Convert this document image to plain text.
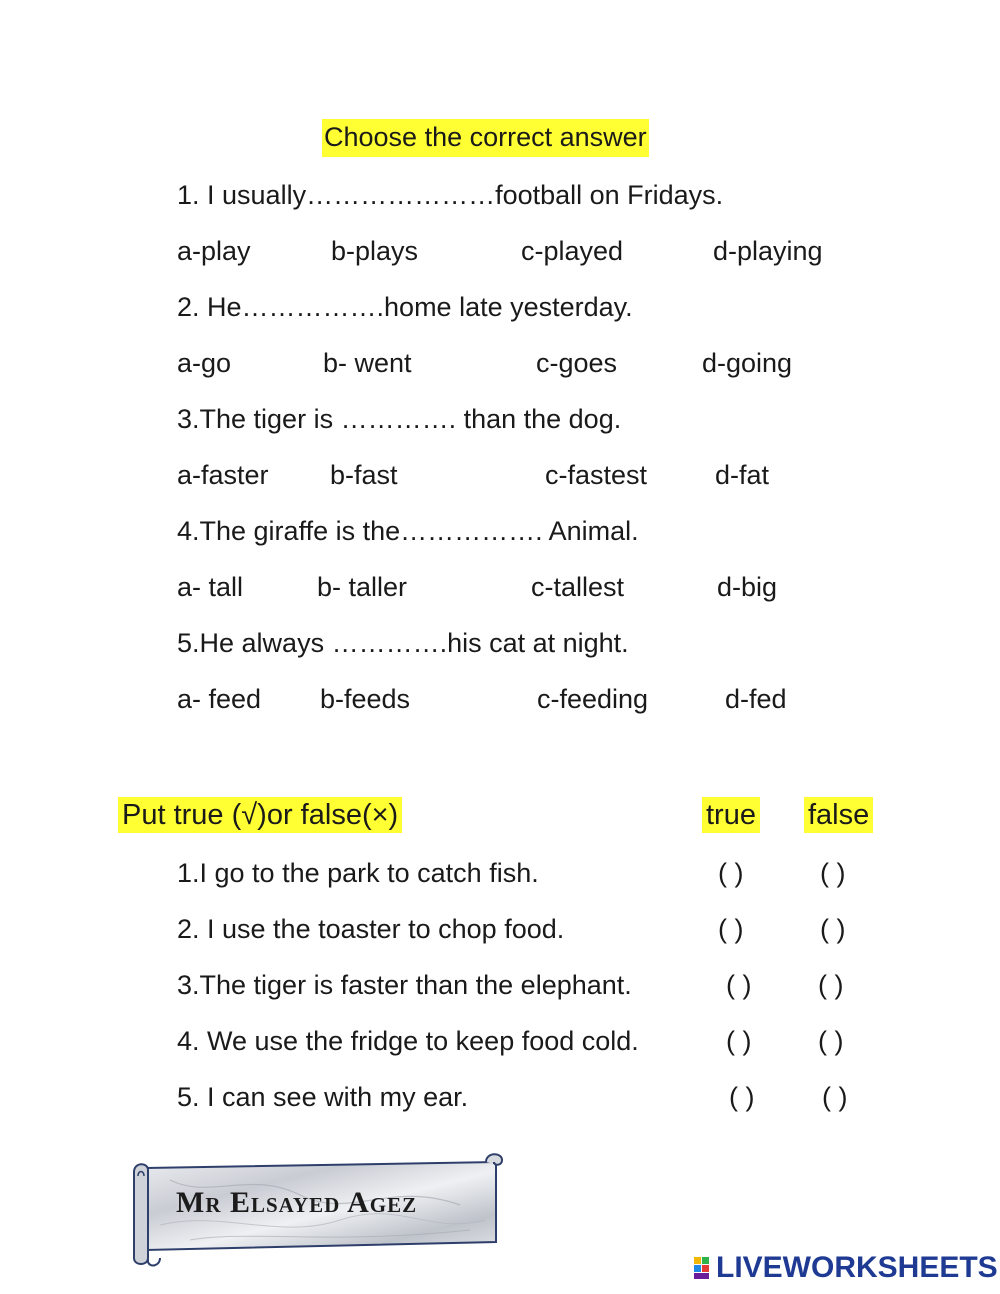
Choose the correct answer
1. I usually…………………football on Fridays.
a-play	b-plays	c-played	d-playing
2. He…………….home late yesterday.
a-go	b- went	c-goes	d-going
3.The tiger is …………. than the dog.
a-faster b-fast	c-fastest	d-fat
4.The giraffe is the……………. Animal.
a- tall	b- taller	c-tallest	d-big
5.He always ………….his cat at night.
a- feed b-feeds	c-feeding	d-fed
Put true (√)or false(×)	true false
1.I go to the park to catch fish.	( )	( )
2. I use the toaster to chop food.	( )	( )
3.The tiger is faster than the elephant.	( ) ( )
4. We use the fridge to keep food cold.	( ) ( )
5. I can see with my ear.	( )	( )
Mr Elsayed Agez
LIVEWORKSHEETS
